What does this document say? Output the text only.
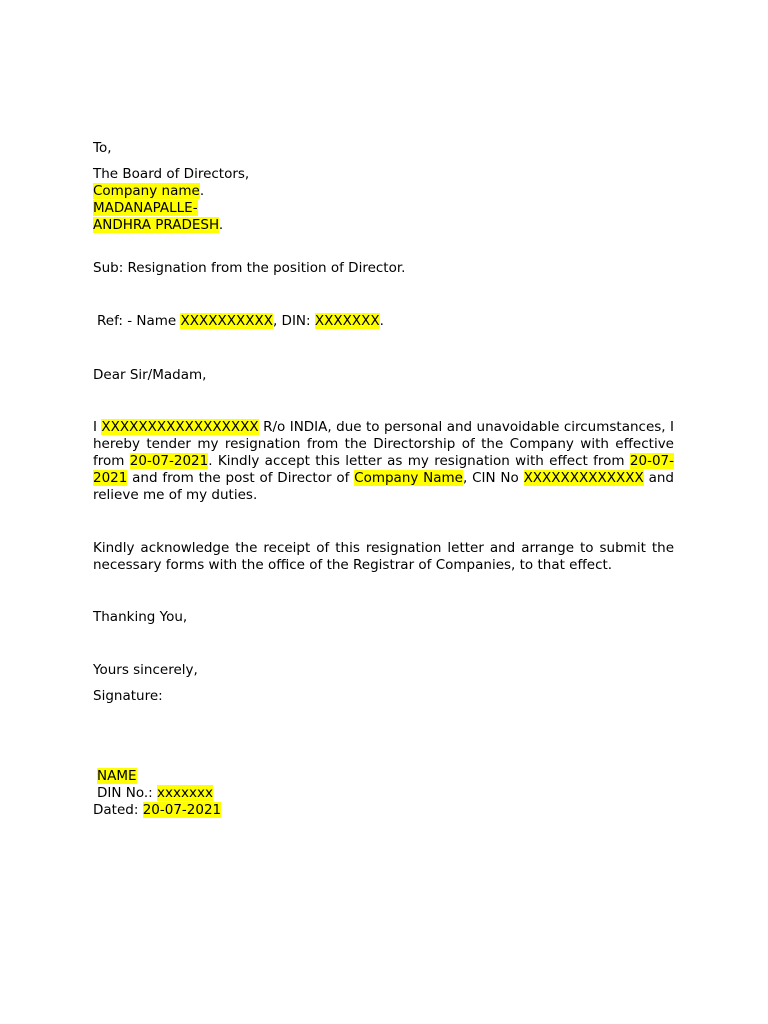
To,

The Board of Directors,
Company name.
MADANAPALLE-
ANDHRA PRADESH.

Sub: Resignation from the position of Director.

Ref: - Name XXXXXXXXXX, DIN: XXXXXXX.

Dear Sir/Madam,

I XXXXXXXXXXXXXXXXX R/o INDIA, due to personal and unavoidable circumstances, I hereby tender my resignation from the Directorship of the Company with effective from 20-07-2021. Kindly accept this letter as my resignation with effect from 20-07-2021 and from the post of Director of Company Name, CIN No XXXXXXXXXXXXX and relieve me of my duties.

Kindly acknowledge the receipt of this resignation letter and arrange to submit the necessary forms with the office of the Registrar of Companies, to that effect.

Thanking You,

Yours sincerely,

Signature:

NAME
DIN No.: xxxxxxx
Dated: 20-07-2021
